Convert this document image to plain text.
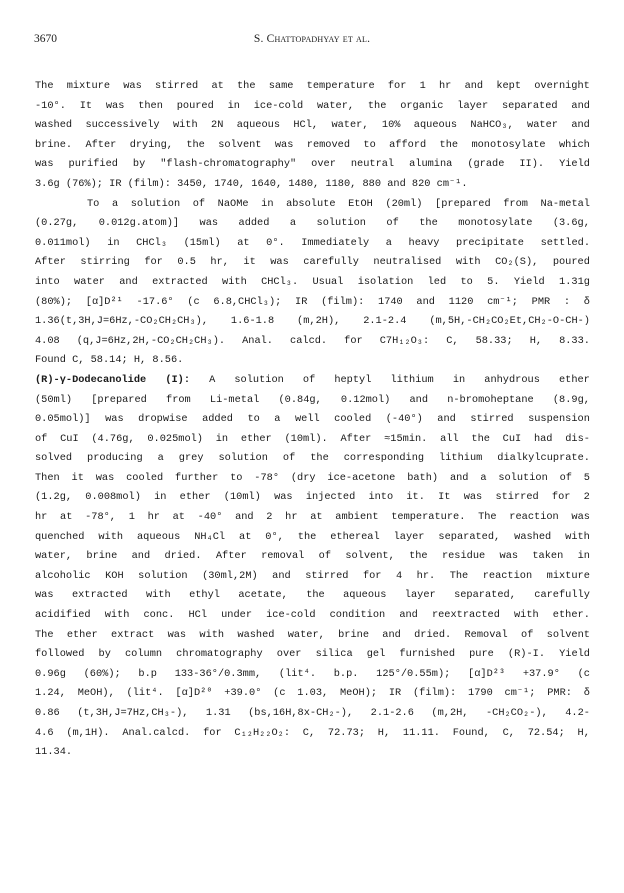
3670	S. Chattopadhyay et al.
The mixture was stirred at the same temperature for 1 hr and kept overnight
-10°. It was then poured in ice-cold water, the organic layer separated and
washed successively with 2N aqueous HCl, water, 10% aqueous NaHCO₃, water and
brine. After drying, the solvent was removed to afford the monotosylate which
was purified by "flash-chromatography" over neutral alumina (grade II). Yield
3.6g (76%); IR (film): 3450, 1740, 1640, 1480, 1180, 880 and 820 cm⁻¹.
To a solution of NaOMe in absolute EtOH (20ml) [prepared from Na-metal
(0.27g, 0.012g.atom)] was added a solution of the monotosylate (3.6g,
0.011mol) in CHCl₃ (15ml) at 0°. Immediately a heavy precipitate settled.
After stirring for 0.5 hr, it was carefully neutralised with CO₂(S), poured
into water and extracted with CHCl₃. Usual isolation led to 5. Yield 1.31g
(80%); [α]D²¹ -17.6° (c 6.8,CHCl₃); IR (film): 1740 and 1120 cm⁻¹; PMR : δ
1.36(t,3H,J=6Hz,-CO₂CH₂CH₃), 1.6-1.8 (m,2H), 2.1-2.4 (m,5H,-CH₂CO₂Et,CH₂-O-CH-)
4.08 (q,J=6Hz,2H,-CO₂CH₂CH₃). Anal. calcd. for C7H₁₂O₃: C, 58.33; H, 8.33.
Found C, 58.14; H, 8.56.
(R)-γ-Dodecanolide (I): A solution of heptyl lithium in anhydrous ether
(50ml) [prepared from Li-metal (0.84g, 0.12mol) and n-bromoheptane (8.9g,
0.05mol)] was dropwise added to a well cooled (-40°) and stirred suspension
of CuI (4.76g, 0.025mol) in ether (10ml). After ≈15min. all the CuI had dis-
solved producing a grey solution of the corresponding lithium dialkylcuprate.
Then it was cooled further to -78° (dry ice-acetone bath) and a solution of 5
(1.2g, 0.008mol) in ether (10ml) was injected into it. It was stirred for 2
hr at -78°, 1 hr at -40° and 2 hr at ambient temperature. The reaction was
quenched with aqueous NH₄Cl at 0°, the ethereal layer separated, washed with
water, brine and dried. After removal of solvent, the residue was taken in
alcoholic KOH solution (30ml,2M) and stirred for 4 hr. The reaction mixture
was extracted with ethyl acetate, the aqueous layer separated, carefully
acidified with conc. HCl under ice-cold condition and reextracted with ether.
The ether extract was with washed water, brine and dried. Removal of solvent
followed by column chromatography over silica gel furnished pure (R)-I. Yield
0.96g (60%); b.p 133-36°/0.3mm, (lit⁴. b.p. 125°/0.55m); [α]D²³ +37.9° (c
1.24, MeOH), (lit⁴. [α]D²⁰ +39.0° (c 1.03, MeOH); IR (film): 1790 cm⁻¹; PMR: δ
0.86 (t,3H,J=7Hz,CH₃-), 1.31 (bs,16H,8x-CH₂-), 2.1-2.6 (m,2H, -CH₂CO₂-), 4.2-
4.6 (m,1H). Anal.calcd. for C₁₂H₂₂O₂: C, 72.73; H, 11.11. Found, C, 72.54; H,
11.34.
